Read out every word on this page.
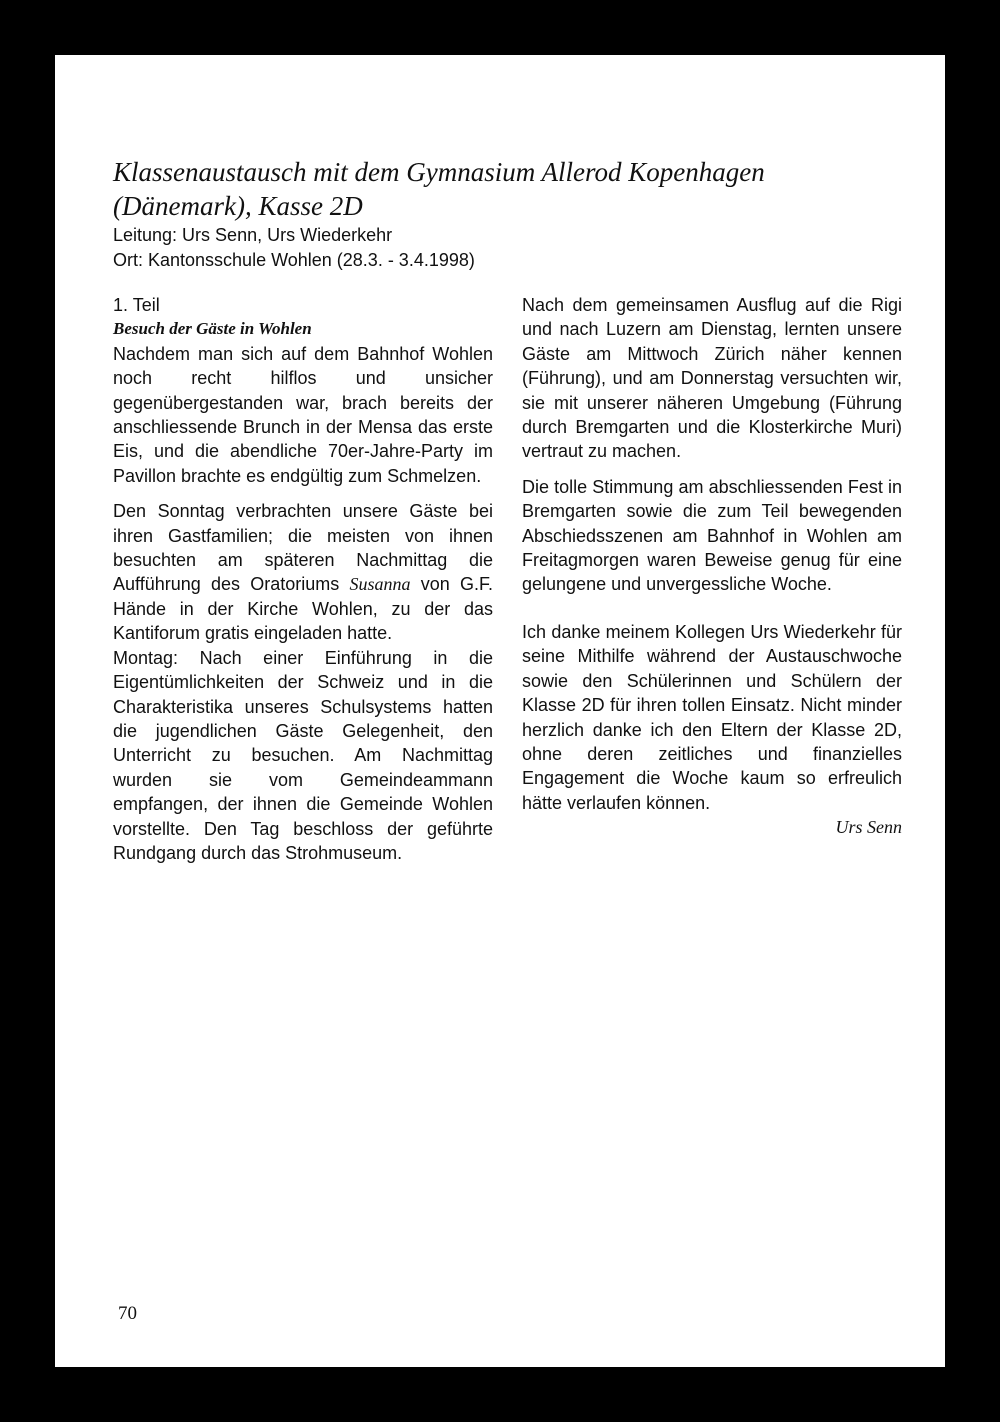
Klassenaustausch mit dem Gymnasium Allerod Kopenhagen (Dänemark), Kasse 2D
Leitung: Urs Senn, Urs Wiederkehr
Ort: Kantonsschule Wohlen (28.3. - 3.4.1998)

1. Teil

Besuch der Gäste in Wohlen

Nachdem man sich auf dem Bahnhof Wohlen noch recht hilflos und unsicher gegenübergestanden war, brach bereits der anschliessende Brunch in der Mensa das erste Eis, und die abendliche 70er-Jahre-Party im Pavillon brachte es endgültig zum Schmelzen.

Den Sonntag verbrachten unsere Gäste bei ihren Gastfamilien; die meisten von ihnen besuchten am späteren Nachmittag die Aufführung des Oratoriums Susanna von G.F. Hände in der Kirche Wohlen, zu der das Kantiforum gratis eingeladen hatte.

Montag: Nach einer Einführung in die Eigentümlichkeiten der Schweiz und in die Charakteristika unseres Schulsystems hatten die jugendlichen Gäste Gelegenheit, den Unterricht zu besuchen. Am Nachmittag wurden sie vom Gemeindeammann empfangen, der ihnen die Gemeinde Wohlen vorstellte. Den Tag beschloss der geführte Rundgang durch das Strohmuseum.

Nach dem gemeinsamen Ausflug auf die Rigi und nach Luzern am Dienstag, lernten unsere Gäste am Mittwoch Zürich näher kennen (Führung), und am Donnerstag versuchten wir, sie mit unserer näheren Umgebung (Führung durch Bremgarten und die Klosterkirche Muri) vertraut zu machen.

Die tolle Stimmung am abschliessenden Fest in Bremgarten sowie die zum Teil bewegenden Abschiedsszenen am Bahnhof in Wohlen am Freitagmorgen waren Beweise genug für eine gelungene und unvergessliche Woche.

Ich danke meinem Kollegen Urs Wiederkehr für seine Mithilfe während der Austauschwoche sowie den Schülerinnen und Schülern der Klasse 2D für ihren tollen Einsatz. Nicht minder herzlich danke ich den Eltern der Klasse 2D, ohne deren zeitliches und finanzielles Engagement die Woche kaum so erfreulich hätte verlaufen können.

Urs Senn

70
